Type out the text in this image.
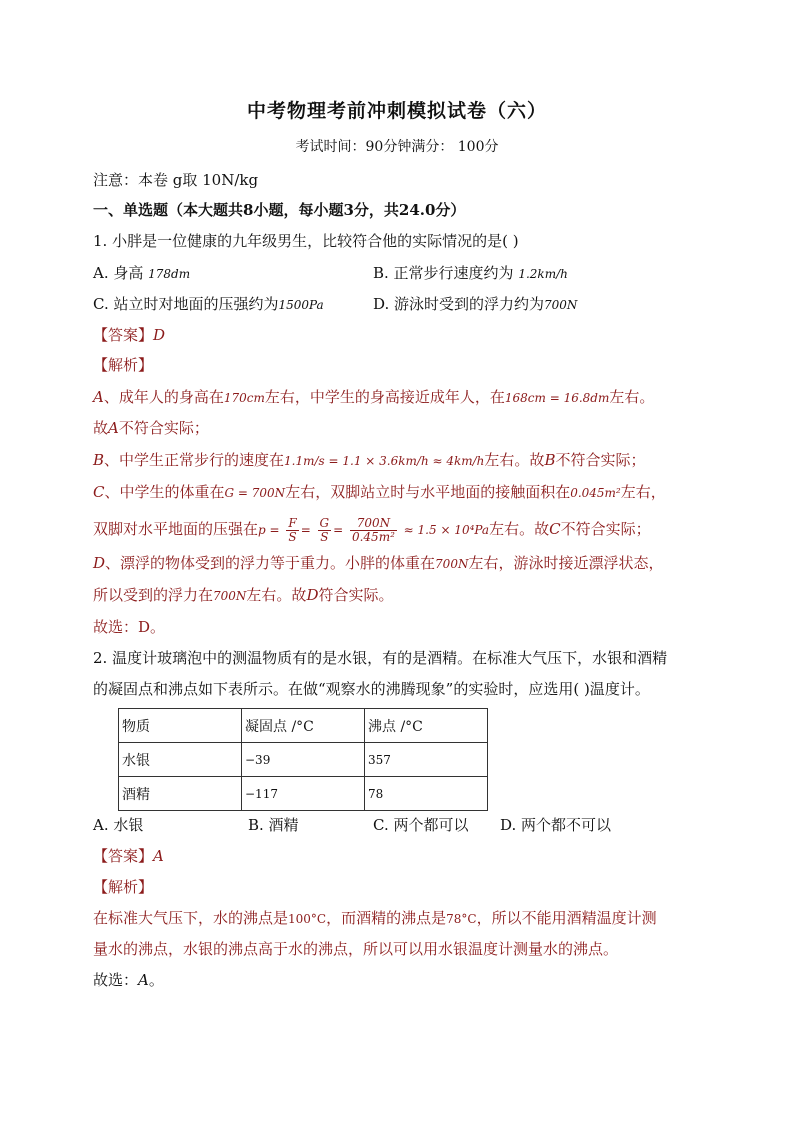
中考物理考前冲刺模拟试卷（六）
考试时间：90分钟满分： 100分
注意：本卷 g取 10N/kg
一、单选题（本大题共8小题，每小题3分，共24.0分）
1. 小胖是一位健康的九年级男生，比较符合他的实际情况的是( )
A. 身高 178dm	B. 正常步行速度约为 1.2km/h
C. 站立时对地面的压强约为1500Pa	D. 游泳时受到的浮力约为700N
【答案】D
【解析】
A、成年人的身高在170cm左右，中学生的身高接近成年人，在168cm = 16.8dm左右。
故A不符合实际；
B、中学生正常步行的速度在1.1m/s = 1.1 × 3.6km/h ≈ 4km/h左右。故B不符合实际；
C、中学生的体重在G = 700N左右，双脚站立时与水平地面的接触面积在0.045m²左右，
双脚对水平地面的压强在$p = \frac{F}{S} = \frac{G}{S} = \frac{700N}{\text{0.45m²}} \approx 1.5 \times 10^4Pa$左右。故C不符合实际；
D、漂浮的物体受到的浮力等于重力。小胖的体重在700N左右，游泳时接近漂浮状态，
所以受到的浮力在700N左右。故D符合实际。
故选：D。
2. 温度计玻璃泡中的测温物质有的是水银，有的是酒精。在标准大气压下，水银和酒精
的凝固点和沸点如下表所示。在做“观察水的沸腾现象”的实验时，应选用( )温度计。
物质	凝固点 /°C	沸点 /°C
水银	−39	357
酒精	−117	78
A. 水银	B. 酒精	C. 两个都可以 D. 两个都不可以
【答案】A
【解析】
在标准大气压下，水的沸点是100°C，而酒精的沸点是78°C，所以不能用酒精温度计测
量水的沸点，水银的沸点高于水的沸点，所以可以用水银温度计测量水的沸点。
故选：A。
